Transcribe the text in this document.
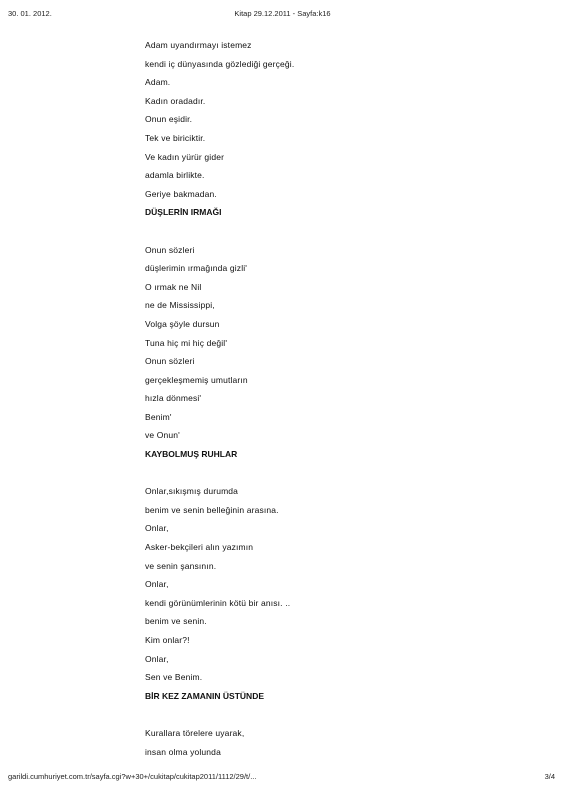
30. 01. 2012.	Kitap 29.12.2011 - Sayfa:k16
Adam uyandırmayı istemez
kendi iç dünyasında gözlediği gerçeği.
Adam.
Kadın oradadır.
Onun eşidir.
Tek ve biriciktir.
Ve kadın yürür gider
adamla birlikte.
Geriye bakmadan.
DÜŞLERİN IRMAĞI
Onun sözleri
düşlerimin ırmağında gizli'
O ırmak ne Nil
ne de Mississippi,
Volga şöyle dursun
Tuna hiç mi hiç değil'
Onun sözleri
gerçekleşmemiş umutların
hızla dönmesi'
Benim'
ve Onun'
KAYBOLMUŞ RUHLAR
Onlar,sıkışmış durumda
benim ve senin belleğinin arasına.
Onlar,
Asker-bekçileri alın yazımın
ve senin şansının.
Onlar,
kendi görünümlerinin kötü bir anısı. ..
benim ve senin.
Kim onlar?!
Onlar,
Sen ve Benim.
BİR KEZ ZAMANIN ÜSTÜNDE
Kurallara törelere uyarak,
insan olma yolunda
garildi.cumhuriyet.com.tr/sayfa.cgi?w+30+/cukitap/cukitap2011/1112/29/t/...	3/4
